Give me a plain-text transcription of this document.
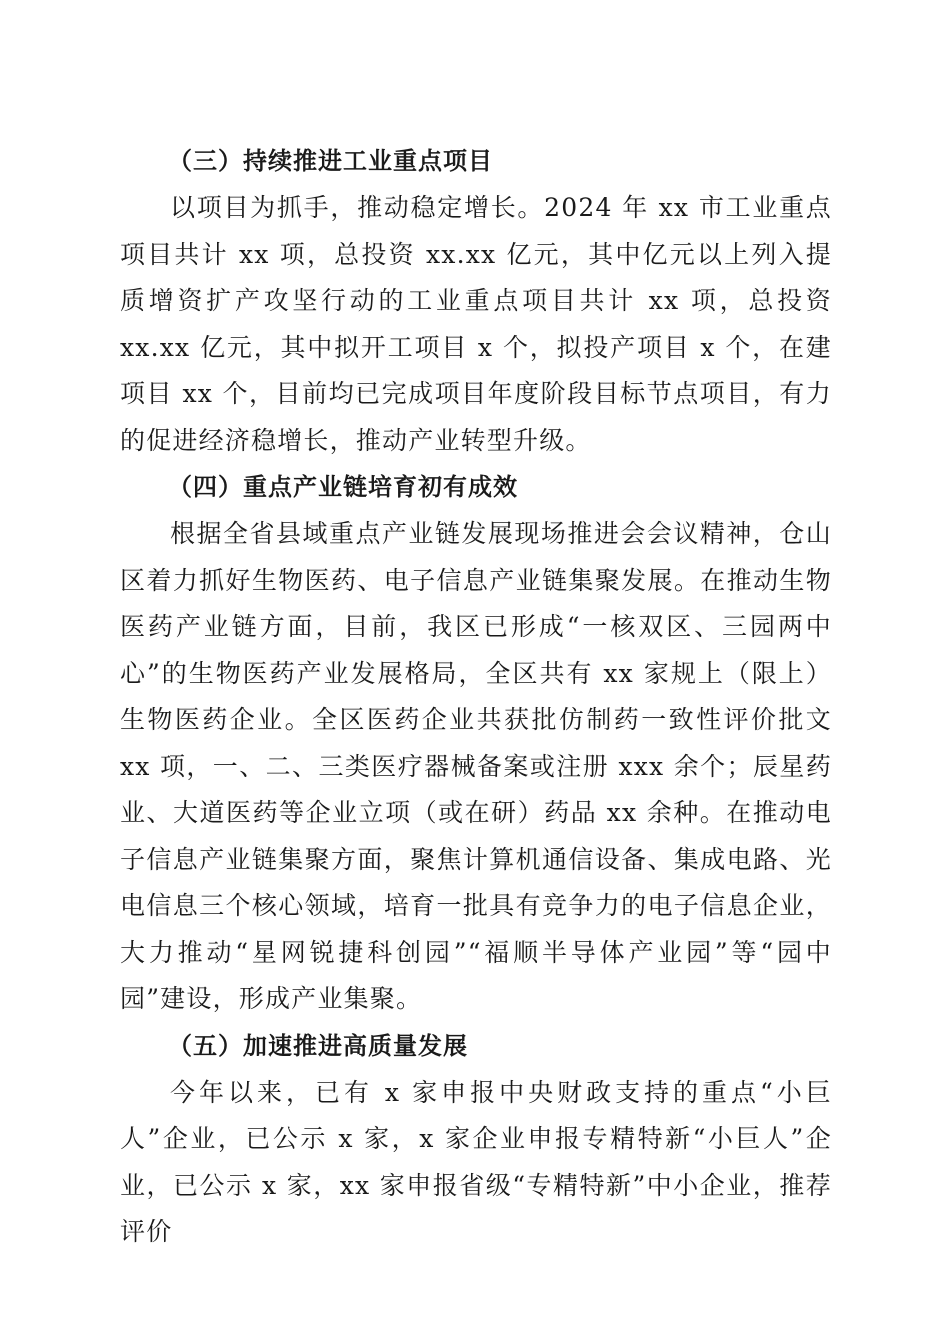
（三）持续推进工业重点项目

以项目为抓手，推动稳定增长。2024 年 xx 市工业重点项目共计 xx 项，总投资 xx.xx 亿元，其中亿元以上列入提质增资扩产攻坚行动的工业重点项目共计 xx 项，总投资 xx.xx 亿元，其中拟开工项目 x 个，拟投产项目 x 个，在建项目 xx 个，目前均已完成项目年度阶段目标节点项目，有力的促进经济稳增长，推动产业转型升级。

（四）重点产业链培育初有成效

根据全省县域重点产业链发展现场推进会会议精神，仓山区着力抓好生物医药、电子信息产业链集聚发展。在推动生物医药产业链方面，目前，我区已形成“一核双区、三园两中心”的生物医药产业发展格局，全区共有 xx 家规上（限上）生物医药企业。全区医药企业共获批仿制药一致性评价批文 xx 项，一、二、三类医疗器械备案或注册 xxx 余个；辰星药业、大道医药等企业立项（或在研）药品 xx 余种。在推动电子信息产业链集聚方面，聚焦计算机通信设备、集成电路、光电信息三个核心领域，培育一批具有竞争力的电子信息企业，大力推动“星网锐捷科创园”“福顺半导体产业园”等“园中园”建设，形成产业集聚。

（五）加速推进高质量发展

今年以来，已有 x 家申报中央财政支持的重点“小巨人”企业，已公示 x 家，x 家企业申报专精特新“小巨人”企业，已公示 x 家，xx 家申报省级“专精特新”中小企业，推荐评价
